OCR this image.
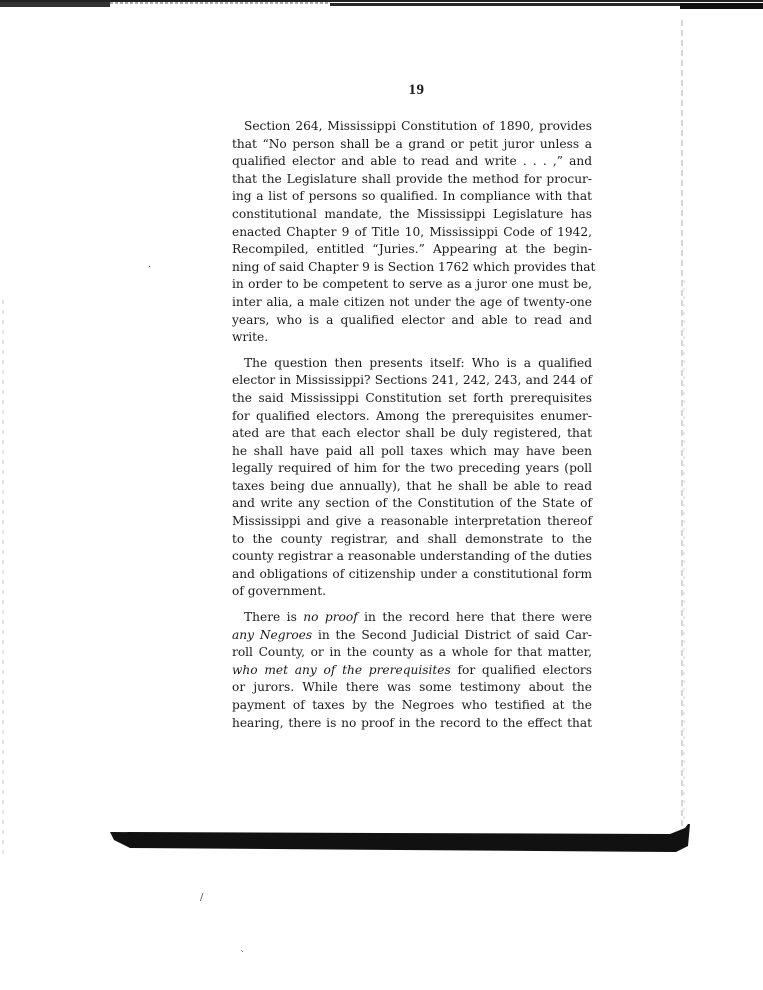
/
`
·
19
Section 264, Mississippi Constitution of 1890, provides
that “No person shall be a grand or petit juror unless a
qualified elector and able to read and write . . . ,” and
that the Legislature shall provide the method for procur-
ing a list of persons so qualified. In compliance with that
constitutional mandate, the Mississippi Legislature has
enacted Chapter 9 of Title 10, Mississippi Code of 1942,
Recompiled, entitled “Juries.” Appearing at the begin-
ning of said Chapter 9 is Section 1762 which provides that
in order to be competent to serve as a juror one must be,
inter alia, a male citizen not under the age of twenty-one
years, who is a qualified elector and able to read and
write.
The question then presents itself: Who is a qualified
elector in Mississippi? Sections 241, 242, 243, and 244 of
the said Mississippi Constitution set forth prerequisites
for qualified electors. Among the prerequisites enumer-
ated are that each elector shall be duly registered, that
he shall have paid all poll taxes which may have been
legally required of him for the two preceding years (poll
taxes being due annually), that he shall be able to read
and write any section of the Constitution of the State of
Mississippi and give a reasonable interpretation thereof
to the county registrar, and shall demonstrate to the
county registrar a reasonable understanding of the duties
and obligations of citizenship under a constitutional form
of government.
There is no proof in the record here that there were
any Negroes in the Second Judicial District of said Car-
roll County, or in the county as a whole for that matter,
who met any of the prerequisites for qualified electors
or jurors. While there was some testimony about the
payment of taxes by the Negroes who testified at the
hearing, there is no proof in the record to the effect that
